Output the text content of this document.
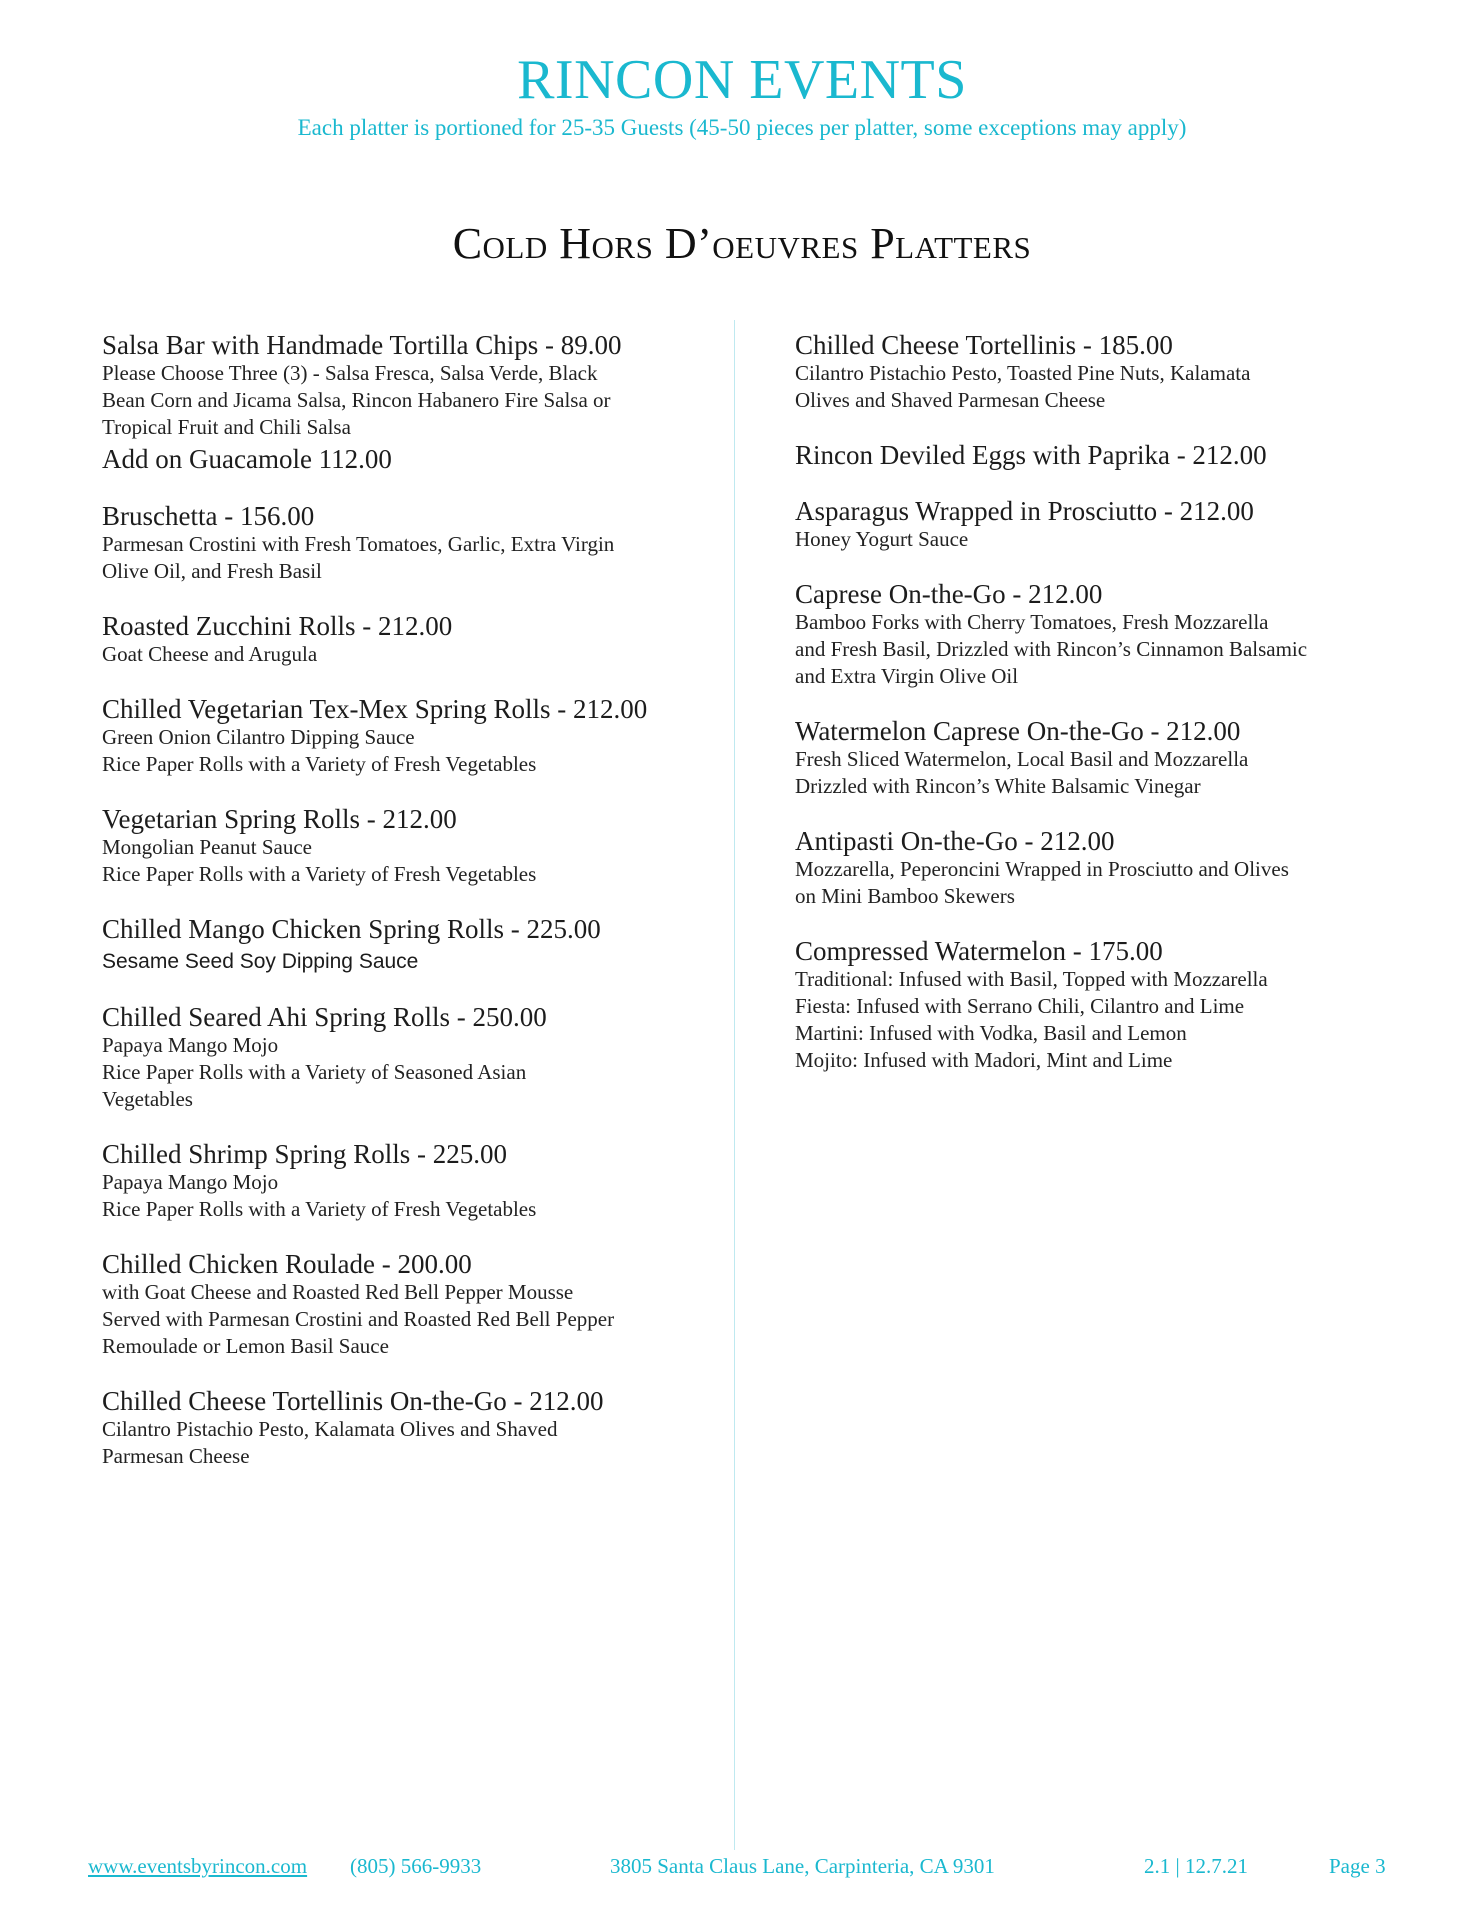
RINCON EVENTS
Each platter is portioned for 25-35 Guests (45-50 pieces per platter, some exceptions may apply)
Cold Hors D’oeuvres Platters
Salsa Bar with Handmade Tortilla Chips - 89.00
Please Choose Three (3) - Salsa Fresca, Salsa Verde, Black
Bean Corn and Jicama Salsa, Rincon Habanero Fire Salsa or
Tropical Fruit and Chili Salsa
Add on Guacamole 112.00
Bruschetta - 156.00
Parmesan Crostini with Fresh Tomatoes, Garlic, Extra Virgin
Olive Oil, and Fresh Basil
Roasted Zucchini Rolls - 212.00
Goat Cheese and Arugula
Chilled Vegetarian Tex-Mex Spring Rolls - 212.00
Green Onion Cilantro Dipping Sauce
Rice Paper Rolls with a Variety of Fresh Vegetables
Vegetarian Spring Rolls - 212.00
Mongolian Peanut Sauce
Rice Paper Rolls with a Variety of Fresh Vegetables
Chilled Mango Chicken Spring Rolls - 225.00
Sesame Seed Soy Dipping Sauce
Chilled Seared Ahi Spring Rolls - 250.00
Papaya Mango Mojo
Rice Paper Rolls with a Variety of Seasoned Asian
Vegetables
Chilled Shrimp Spring Rolls - 225.00
Papaya Mango Mojo
Rice Paper Rolls with a Variety of Fresh Vegetables
Chilled Chicken Roulade - 200.00
with Goat Cheese and Roasted Red Bell Pepper Mousse
Served with Parmesan Crostini and Roasted Red Bell Pepper
Remoulade or Lemon Basil Sauce
Chilled Cheese Tortellinis On-the-Go - 212.00
Cilantro Pistachio Pesto, Kalamata Olives and Shaved
Parmesan Cheese
Chilled Cheese Tortellinis - 185.00
Cilantro Pistachio Pesto, Toasted Pine Nuts, Kalamata
Olives and Shaved Parmesan Cheese
Rincon Deviled Eggs with Paprika - 212.00
Asparagus Wrapped in Prosciutto - 212.00
Honey Yogurt Sauce
Caprese On-the-Go - 212.00
Bamboo Forks with Cherry Tomatoes, Fresh Mozzarella
and Fresh Basil, Drizzled with Rincon’s Cinnamon Balsamic
and Extra Virgin Olive Oil
Watermelon Caprese On-the-Go - 212.00
Fresh Sliced Watermelon, Local Basil and Mozzarella
Drizzled with Rincon’s White Balsamic Vinegar
Antipasti On-the-Go - 212.00
Mozzarella, Peperoncini Wrapped in Prosciutto and Olives
on Mini Bamboo Skewers
Compressed Watermelon - 175.00
Traditional: Infused with Basil, Topped with Mozzarella
Fiesta: Infused with Serrano Chili, Cilantro and Lime
Martini: Infused with Vodka, Basil and Lemon
Mojito: Infused with Madori, Mint and Lime
www.eventsbyrincon.com (805) 566-9933	3805 Santa Claus Lane, Carpinteria, CA 9301	2.1 | 12.7.21	Page 3
